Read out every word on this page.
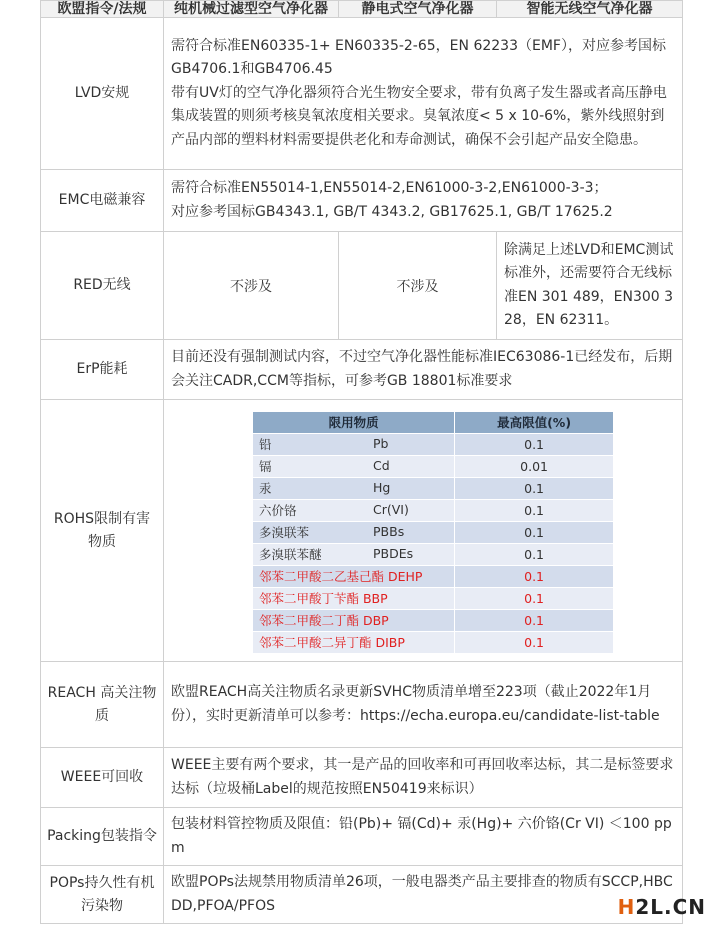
欧盟指令/法规	纯机械过滤型空气净化器	静电式空气净化器	智能无线空气净化器
LVD安规	需符合标准EN60335-1+ EN60335-2-65，EN 62233（EMF），对应参考国标GB4706.1和GB4706.45
带有UV灯的空气净化器须符合光生物安全要求，带有负离子发生器或者高压静电集成装置的则须考核臭氧浓度相关要求。臭氧浓度< 5 x 10-6%，紫外线照射到产品内部的塑料材料需要提供老化和寿命测试，确保不会引起产品安全隐患。
EMC电磁兼容	需符合标准EN55014-1,EN55014-2,EN61000-3-2,EN61000-3-3；
对应参考国标GB4343.1, GB/T 4343.2, GB17625.1, GB/T 17625.2
RED无线	不涉及	不涉及	除满足上述LVD和EMC测试标准外，还需要符合无线标准EN 301 489，EN300 328，EN 62311。
ErP能耗	目前还没有强制测试内容，不过空气净化器性能标准IEC63086-1已经发布，后期会关注CADR,CCM等指标，可参考GB 18801标准要求
ROHS限制有害物质	
限用物质	最高限值(%)
铅	Pb	0.1
镉	Cd	0.01
汞	Hg	0.1
六价铬	Cr(VI)	0.1
多溴联苯	PBBs	0.1
多溴联苯醚	PBDEs	0.1
邻苯二甲酸二乙基己酯 DEHP	0.1
邻苯二甲酸丁苄酯 BBP	0.1
邻苯二甲酸二丁酯 DBP	0.1
邻苯二甲酸二异丁酯 DIBP	0.1

REACH 高关注物质	欧盟REACH高关注物质名录更新SVHC物质清单增至223项（截止2022年1月份），实时更新清单可以参考：https://echa.europa.eu/candidate-list-table
WEEE可回收	WEEE主要有两个要求，其一是产品的回收率和可再回收率达标，其二是标签要求达标（垃圾桶Label的规范按照EN50419来标识）
Packing包装指令	包装材料管控物质及限值：铅(Pb)+ 镉(Cd)+ 汞(Hg)+ 六价铬(Cr VI) ＜100 ppm
POPs持久性有机污染物	欧盟POPs法规禁用物质清单26项，一般电器类产品主要排查的物质有SCCP,HBCDD,PFOA/PFOS	H2L.CN
